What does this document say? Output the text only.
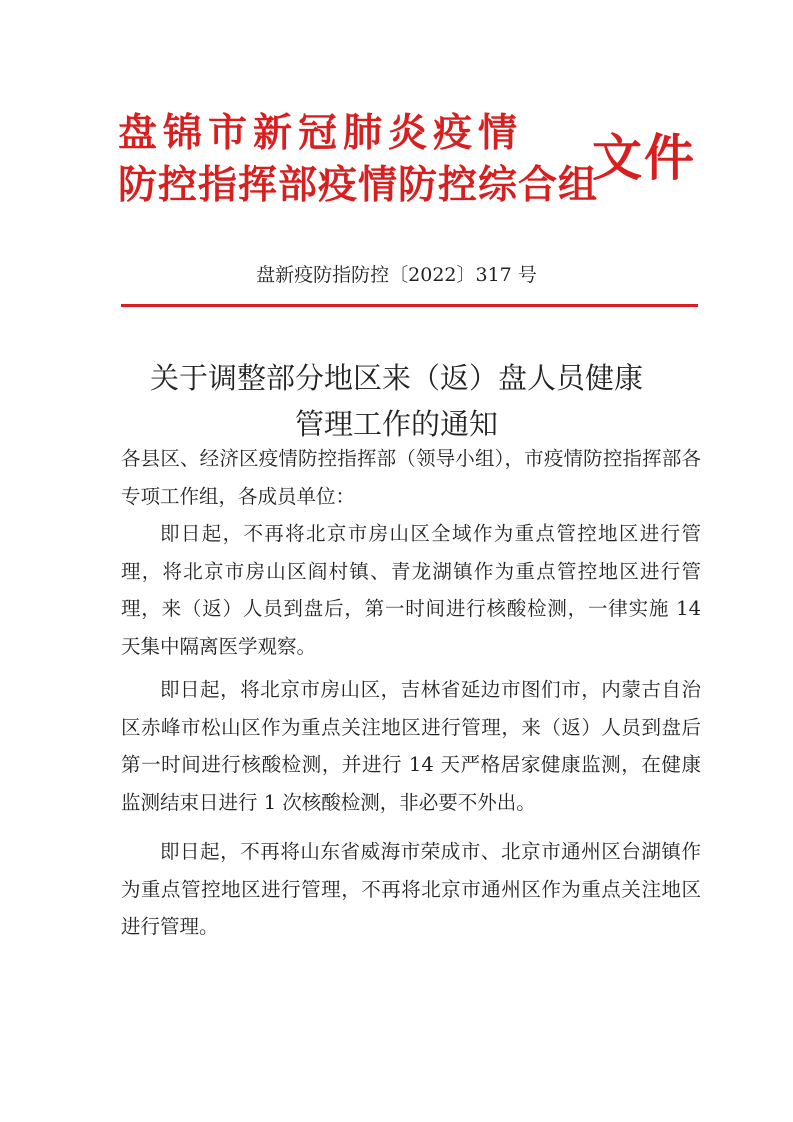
盘锦市新冠肺炎疫情
防控指挥部疫情防控综合组
文件
盘新疫防指防控〔2022〕317 号
关于调整部分地区来（返）盘人员健康
管理工作的通知

各县区、经济区疫情防控指挥部（领导小组），市疫情防控指挥部各专项工作组，各成员单位：

即日起，不再将北京市房山区全域作为重点管控地区进行管理，将北京市房山区阎村镇、青龙湖镇作为重点管控地区进行管理，来（返）人员到盘后，第一时间进行核酸检测，一律实施 14 天集中隔离医学观察。

即日起，将北京市房山区，吉林省延边市图们市，内蒙古自治区赤峰市松山区作为重点关注地区进行管理，来（返）人员到盘后第一时间进行核酸检测，并进行 14 天严格居家健康监测，在健康监测结束日进行 1 次核酸检测，非必要不外出。

即日起，不再将山东省威海市荣成市、北京市通州区台湖镇作为重点管控地区进行管理，不再将北京市通州区作为重点关注地区进行管理。
